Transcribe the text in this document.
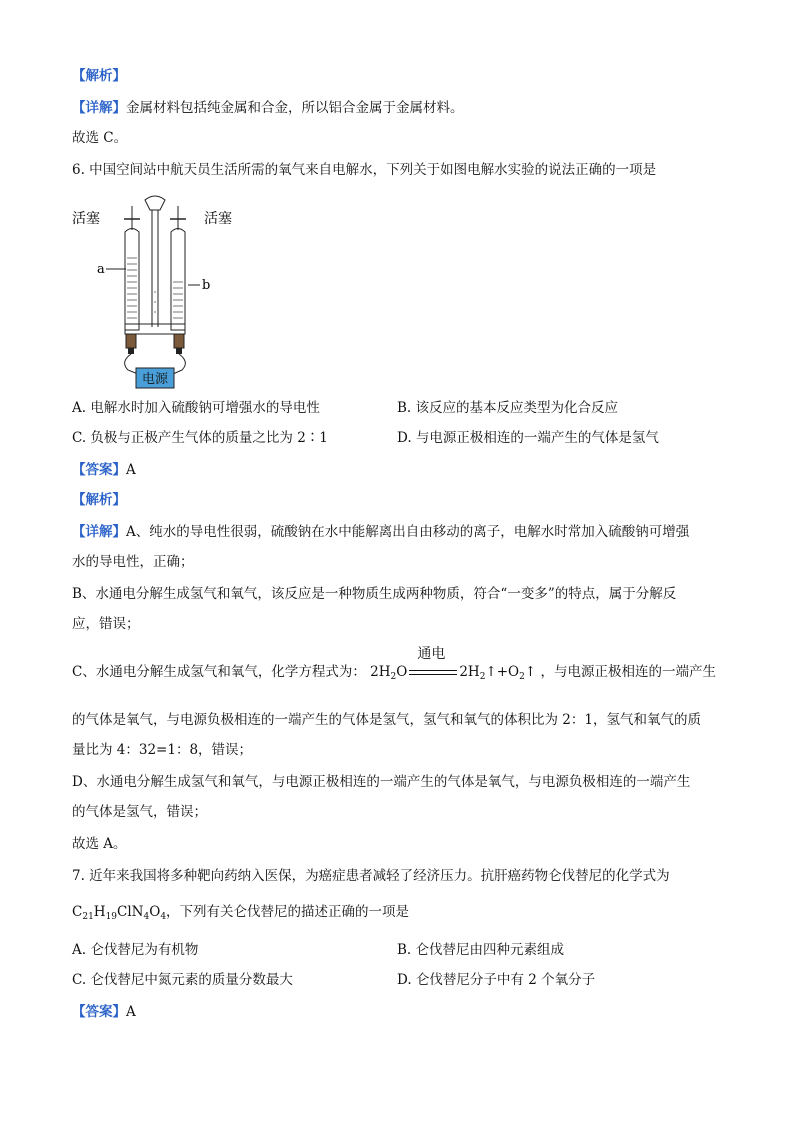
【解析】
【详解】金属材料包括纯金属和合金，所以铝合金属于金属材料。
故选 C。
6. 中国空间站中航天员生活所需的氧气来自电解水，下列关于如图电解水实验的说法正确的一项是
活塞	活塞
a
b
电源
A. 电解水时加入硫酸钠可增强水的导电性	B. 该反应的基本反应类型为化合反应
C. 负极与正极产生气体的质量之比为 2∶1	D. 与电源正极相连的一端产生的气体是氢气
【答案】A
【解析】
【详解】A、纯水的导电性很弱，硫酸钠在水中能解离出自由移动的离子，电解水时常加入硫酸钠可增强
水的导电性，正确；
B、水通电分解生成氢气和氧气，该反应是一种物质生成两种物质，符合“一变多”的特点，属于分解反
应，错误；
C、水通电分解生成氢气和氧气，化学方程式为： $2H_2O$
通电
$2H_2↑+O_2↑$ ，与电源正极相连的一端产生
的气体是氧气，与电源负极相连的一端产生的气体是氢气，氢气和氧气的体积比为 2：1，氢气和氧气的质
量比为 4：32=1：8，错误；
D、水通电分解生成氢气和氧气，与电源正极相连的一端产生的气体是氧气，与电源负极相连的一端产生
的气体是氢气，错误；
故选 A。
7. 近年来我国将多种靶向药纳入医保，为癌症患者减轻了经济压力。抗肝癌药物仑伐替尼的化学式为
$C_{21}H_{19}ClN_4O_4$，下列有关仑伐替尼的描述正确的一项是
A. 仑伐替尼为有机物	B. 仑伐替尼由四种元素组成
C. 仑伐替尼中氮元素的质量分数最大	D. 仑伐替尼分子中有 2 个氧分子
【答案】A
